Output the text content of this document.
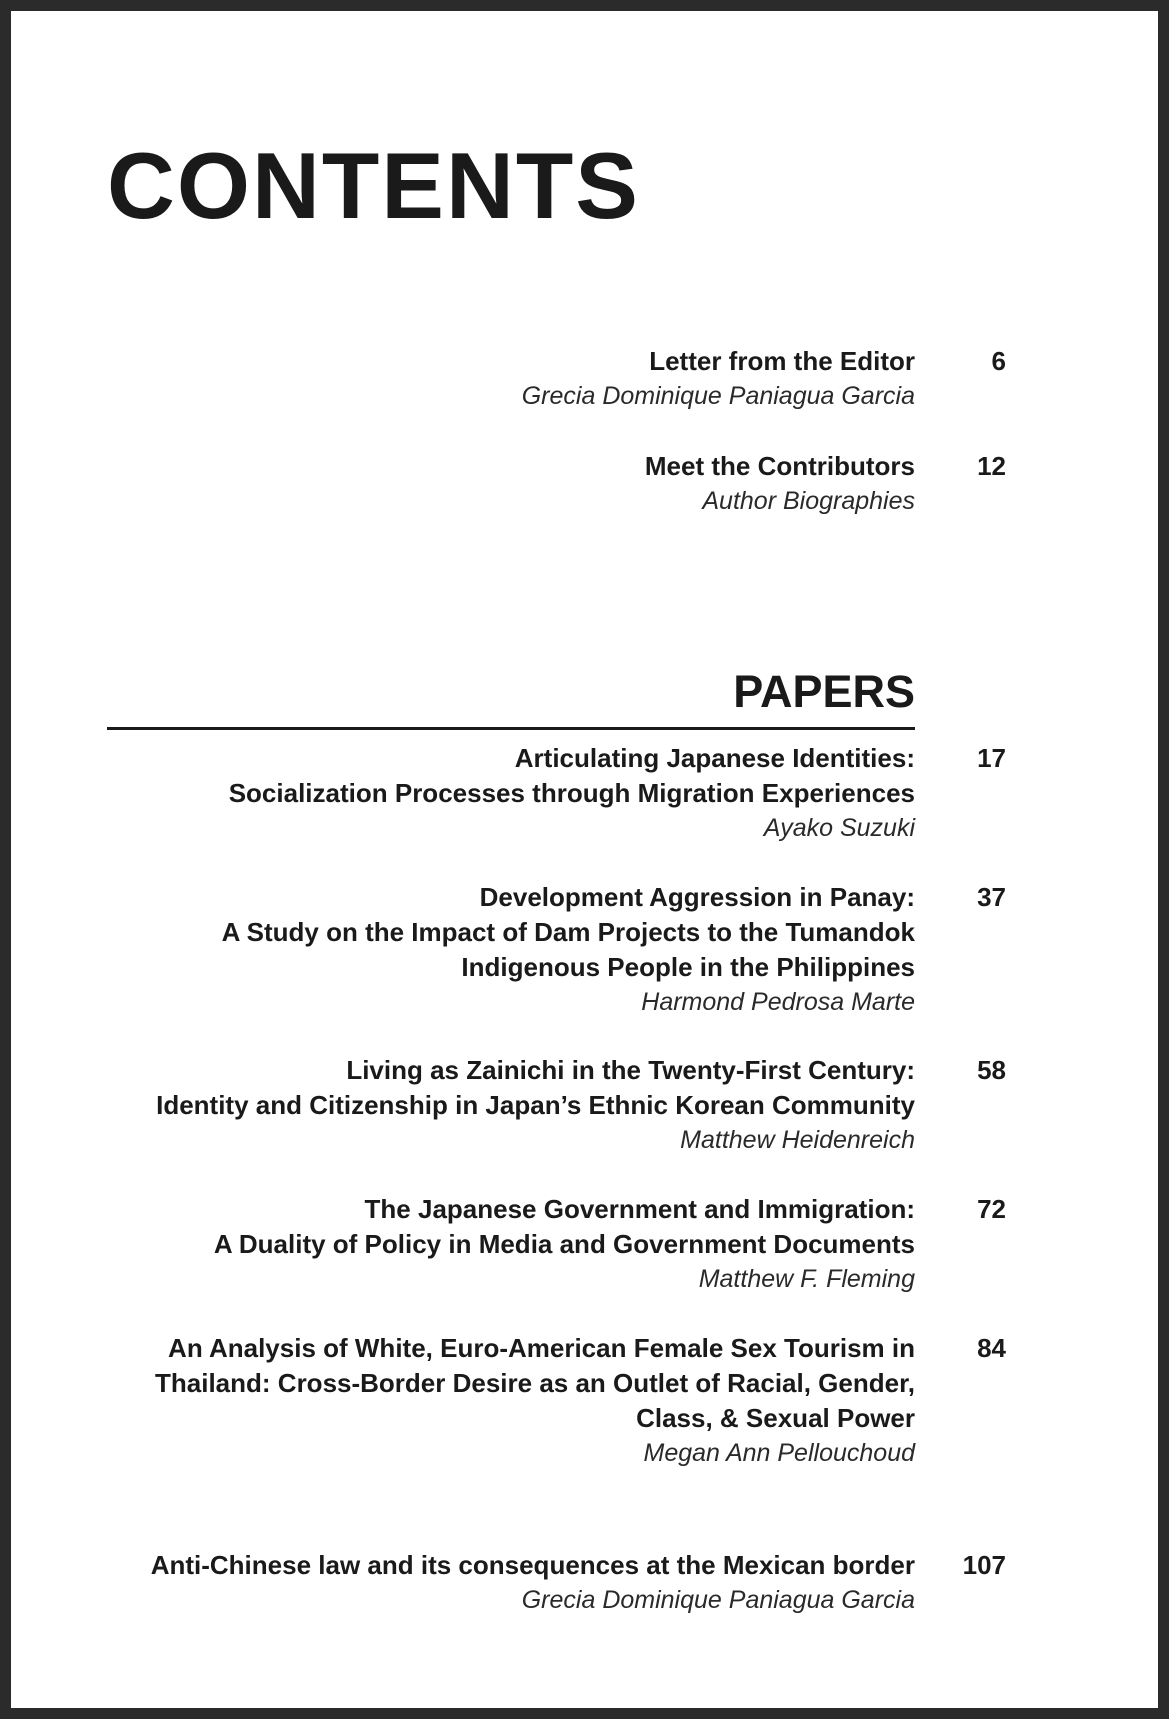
CONTENTS
Letter from the Editor
Grecia Dominique Paniagua Garcia
6
Meet the Contributors
Author Biographies
12
PAPERS
Articulating Japanese Identities:
Socialization Processes through Migration Experiences
Ayako Suzuki
17
Development Aggression in Panay:
A Study on the Impact of Dam Projects to the Tumandok
Indigenous People in the Philippines
Harmond Pedrosa Marte
37
Living as Zainichi in the Twenty-First Century:
Identity and Citizenship in Japan’s Ethnic Korean Community
Matthew Heidenreich
58
The Japanese Government and Immigration:
A Duality of Policy in Media and Government Documents
Matthew F. Fleming
72
An Analysis of White, Euro-American Female Sex Tourism in
Thailand: Cross-Border Desire as an Outlet of Racial, Gender,
Class, & Sexual Power
Megan Ann Pellouchoud
84
Anti-Chinese law and its consequences at the Mexican border
Grecia Dominique Paniagua Garcia
107
